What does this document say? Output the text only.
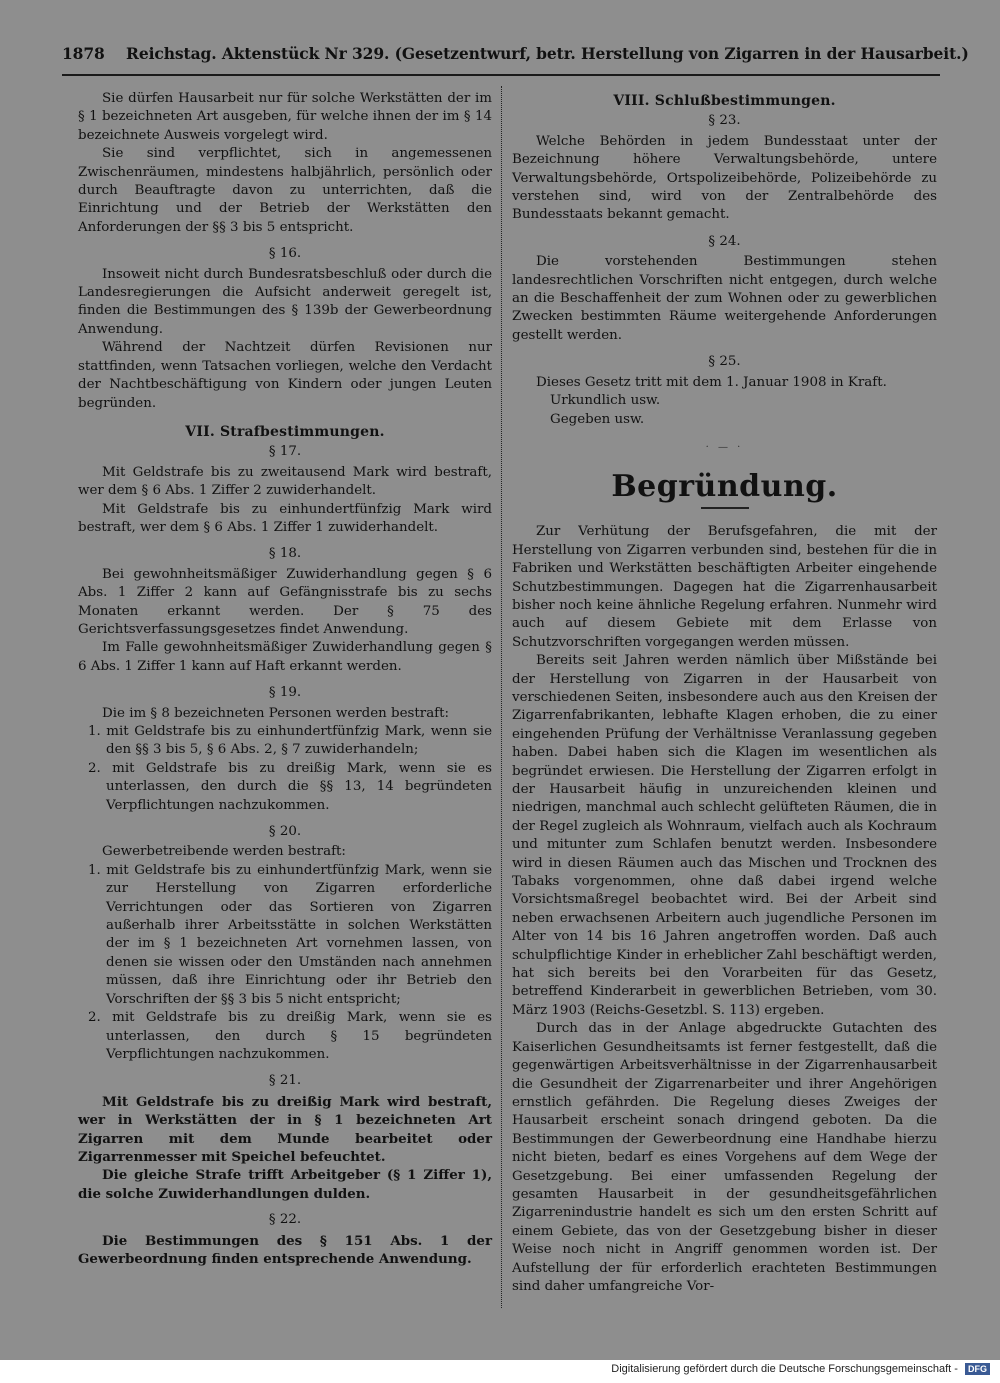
1878 Reichstag. Aktenstück Nr 329. (Gesetzentwurf, betr. Herstellung von Zigarren in der Hausarbeit.)

Sie dürfen Hausarbeit nur für solche Werkstätten der im § 1 bezeichneten Art ausgeben, für welche ihnen der im § 14 bezeichnete Ausweis vorgelegt wird.

Sie sind verpflichtet, sich in angemessenen Zwischenräumen, mindestens halbjährlich, persönlich oder durch Beauftragte davon zu unterrichten, daß die Einrichtung und der Betrieb der Werkstätten den Anforderungen der §§ 3 bis 5 entspricht.

§ 16.

Insoweit nicht durch Bundesratsbeschluß oder durch die Landesregierungen die Aufsicht anderweit geregelt ist, finden die Bestimmungen des § 139b der Gewerbeordnung Anwendung.

Während der Nachtzeit dürfen Revisionen nur stattfinden, wenn Tatsachen vorliegen, welche den Verdacht der Nachtbeschäftigung von Kindern oder jungen Leuten begründen.

VII. Strafbestimmungen.
§ 17.

Mit Geldstrafe bis zu zweitausend Mark wird bestraft, wer dem § 6 Abs. 1 Ziffer 2 zuwiderhandelt.

Mit Geldstrafe bis zu einhundertfünfzig Mark wird bestraft, wer dem § 6 Abs. 1 Ziffer 1 zuwiderhandelt.

§ 18.

Bei gewohnheitsmäßiger Zuwiderhandlung gegen § 6 Abs. 1 Ziffer 2 kann auf Gefängnisstrafe bis zu sechs Monaten erkannt werden. Der § 75 des Gerichtsverfassungsgesetzes findet Anwendung.

Im Falle gewohnheitsmäßiger Zuwiderhandlung gegen § 6 Abs. 1 Ziffer 1 kann auf Haft erkannt werden.

§ 19.

Die im § 8 bezeichneten Personen werden bestraft:

1. mit Geldstrafe bis zu einhundertfünfzig Mark, wenn sie den §§ 3 bis 5, § 6 Abs. 2, § 7 zuwiderhandeln;

2. mit Geldstrafe bis zu dreißig Mark, wenn sie es unterlassen, den durch die §§ 13, 14 begründeten Verpflichtungen nachzukommen.

§ 20.

Gewerbetreibende werden bestraft:

1. mit Geldstrafe bis zu einhundertfünfzig Mark, wenn sie zur Herstellung von Zigarren erforderliche Verrichtungen oder das Sortieren von Zigarren außerhalb ihrer Arbeitsstätte in solchen Werkstätten der im § 1 bezeichneten Art vornehmen lassen, von denen sie wissen oder den Umständen nach annehmen müssen, daß ihre Einrichtung oder ihr Betrieb den Vorschriften der §§ 3 bis 5 nicht entspricht;

2. mit Geldstrafe bis zu dreißig Mark, wenn sie es unterlassen, den durch § 15 begründeten Verpflichtungen nachzukommen.

§ 21.

Mit Geldstrafe bis zu dreißig Mark wird bestraft, wer in Werkstätten der in § 1 bezeichneten Art Zigarren mit dem Munde bearbeitet oder Zigarrenmesser mit Speichel befeuchtet.

Die gleiche Strafe trifft Arbeitgeber (§ 1 Ziffer 1), die solche Zuwiderhandlungen dulden.

§ 22.

Die Bestimmungen des § 151 Abs. 1 der Gewerbeordnung finden entsprechende Anwendung.

VIII. Schlußbestimmungen.
§ 23.

Welche Behörden in jedem Bundesstaat unter der Bezeichnung höhere Verwaltungsbehörde, untere Verwaltungsbehörde, Ortspolizeibehörde, Polizeibehörde zu verstehen sind, wird von der Zentralbehörde des Bundesstaats bekannt gemacht.

§ 24.

Die vorstehenden Bestimmungen stehen landesrechtlichen Vorschriften nicht entgegen, durch welche an die Beschaffenheit der zum Wohnen oder zu gewerblichen Zwecken bestimmten Räume weitergehende Anforderungen gestellt werden.

§ 25.

Dieses Gesetz tritt mit dem 1. Januar 1908 in Kraft.

Urkundlich usw.

Gegeben usw.

· — ·
Begründung.

Zur Verhütung der Berufsgefahren, die mit der Herstellung von Zigarren verbunden sind, bestehen für die in Fabriken und Werkstätten beschäftigten Arbeiter eingehende Schutzbestimmungen. Dagegen hat die Zigarrenhausarbeit bisher noch keine ähnliche Regelung erfahren. Nunmehr wird auch auf diesem Gebiete mit dem Erlasse von Schutzvorschriften vorgegangen werden müssen.

Bereits seit Jahren werden nämlich über Mißstände bei der Herstellung von Zigarren in der Hausarbeit von verschiedenen Seiten, insbesondere auch aus den Kreisen der Zigarrenfabrikanten, lebhafte Klagen erhoben, die zu einer eingehenden Prüfung der Verhältnisse Veranlassung gegeben haben. Dabei haben sich die Klagen im wesentlichen als begründet erwiesen. Die Herstellung der Zigarren erfolgt in der Hausarbeit häufig in unzureichenden kleinen und niedrigen, manchmal auch schlecht gelüfteten Räumen, die in der Regel zugleich als Wohnraum, vielfach auch als Kochraum und mitunter zum Schlafen benutzt werden. Insbesondere wird in diesen Räumen auch das Mischen und Trocknen des Tabaks vorgenommen, ohne daß dabei irgend welche Vorsichtsmaßregel beobachtet wird. Bei der Arbeit sind neben erwachsenen Arbeitern auch jugendliche Personen im Alter von 14 bis 16 Jahren angetroffen worden. Daß auch schulpflichtige Kinder in erheblicher Zahl beschäftigt werden, hat sich bereits bei den Vorarbeiten für das Gesetz, betreffend Kinderarbeit in gewerblichen Betrieben, vom 30. März 1903 (Reichs-Gesetzbl. S. 113) ergeben.

Durch das in der Anlage abgedruckte Gutachten des Kaiserlichen Gesundheitsamts ist ferner festgestellt, daß die gegenwärtigen Arbeitsverhältnisse in der Zigarrenhausarbeit die Gesundheit der Zigarrenarbeiter und ihrer Angehörigen ernstlich gefährden. Die Regelung dieses Zweiges der Hausarbeit erscheint sonach dringend geboten. Da die Bestimmungen der Gewerbeordnung eine Handhabe hierzu nicht bieten, bedarf es eines Vorgehens auf dem Wege der Gesetzgebung. Bei einer umfassenden Regelung der gesamten Hausarbeit in der gesundheitsgefährlichen Zigarrenindustrie handelt es sich um den ersten Schritt auf einem Gebiete, das von der Gesetzgebung bisher in dieser Weise noch nicht in Angriff genommen worden ist. Der Aufstellung der für erforderlich erachteten Bestimmungen sind daher umfangreiche Vor-

Digitalisierung gefördert durch die Deutsche Forschungsgemeinschaft - DFG
